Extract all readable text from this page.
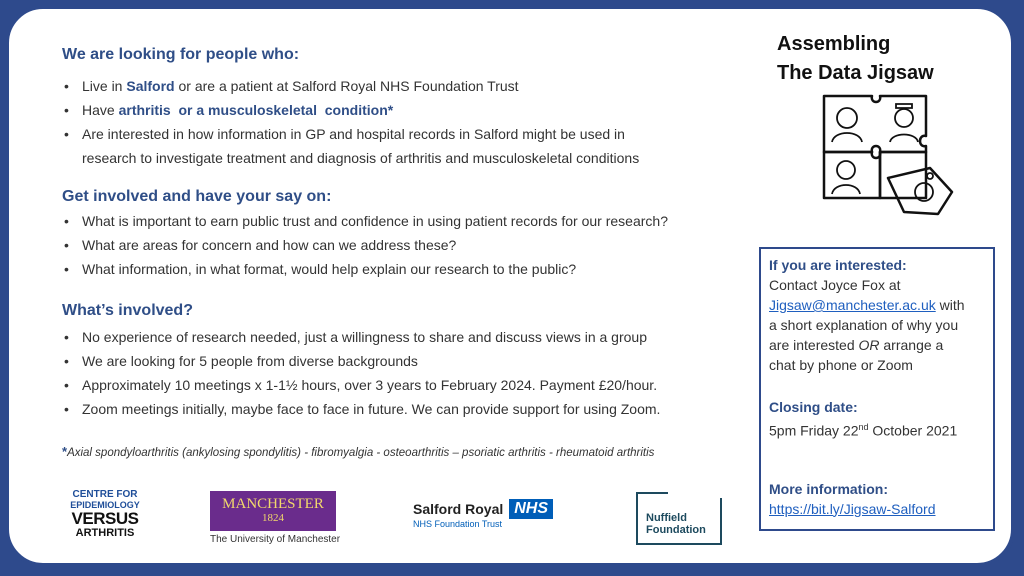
We are looking for people who:
• Live in Salford or are a patient at Salford Royal NHS Foundation Trust
• Have arthritis  or a musculoskeletal  condition*
• Are interested in how information in GP and hospital records in Salford might be used in
research to investigate treatment and diagnosis of arthritis and musculoskeletal conditions
Get involved and have your say on:
• What is important to earn public trust and confidence in using patient records for our research?
• What are areas for concern and how can we address these?
• What information, in what format, would help explain our research to the public?
What’s involved?
• No experience of research needed, just a willingness to share and discuss views in a group
• We are looking for 5 people from diverse backgrounds
• Approximately 10 meetings x 1-1½ hours, over 3 years to February 2024. Payment £20/hour.
• Zoom meetings initially, maybe face to face in future. We can provide support for using Zoom.
*Axial spondyloarthritis (ankylosing spondylitis) - fibromyalgia - osteoarthritis – psoriatic arthritis - rheumatoid arthritis
Assembling
The Data Jigsaw
If you are interested:
Contact Joyce Fox at
Jigsaw@manchester.ac.uk with
a short explanation of why you
are interested OR arrange a
chat by phone or Zoom
Closing date:
5pm Friday 22nd October 2021
More information:
https://bit.ly/Jigsaw-Salford
CENTRE FOR
EPIDEMIOLOGY
VERSUS
ARTHRITIS
MANCHESTER
1824
The University of Manchester
Salford Royal
NHS Foundation Trust
NHS
Nuffield
Foundation
